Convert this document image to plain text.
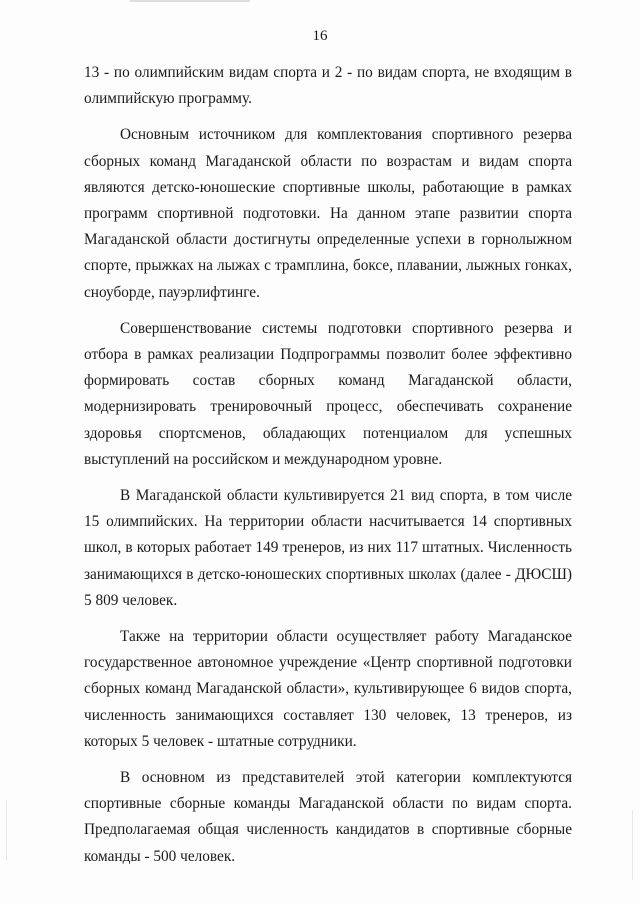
16

13 - по олимпийским видам спорта и 2 - по видам спорта, не входящим в олимпийскую программу.

Основным источником для комплектования спортивного резерва сборных команд Магаданской области по возрастам и видам спорта являются детско-юношеские спортивные школы, работающие в рамках программ спортивной подготовки. На данном этапе развитии спорта Магаданской области достигнуты определенные успехи в горнолыжном спорте, прыжках на лыжах с трамплина, боксе, плавании, лыжных гонках, сноуборде, пауэрлифтинге.

Совершенствование системы подготовки спортивного резерва и отбора в рамках реализации Подпрограммы позволит более эффективно формировать состав сборных команд Магаданской области, модернизировать тренировочный процесс, обеспечивать сохранение здоровья спортсменов, обладающих потенциалом для успешных выступлений на российском и международном уровне.

В Магаданской области культивируется 21 вид спорта, в том числе 15 олимпийских. На территории области насчитывается 14 спортивных школ, в которых работает 149 тренеров, из них 117 штатных. Численность занимающихся в детско-юношеских спортивных школах (далее - ДЮСШ) 5 809 человек.

Также на территории области осуществляет работу Магаданское государственное автономное учреждение «Центр спортивной подготовки сборных команд Магаданской области», культивирующее 6 видов спорта, численность занимающихся составляет 130 человек, 13 тренеров, из которых 5 человек - штатные сотрудники.

В основном из представителей этой категории комплектуются спортивные сборные команды Магаданской области по видам спорта. Предполагаемая общая численность кандидатов в спортивные сборные команды - 500 человек.
